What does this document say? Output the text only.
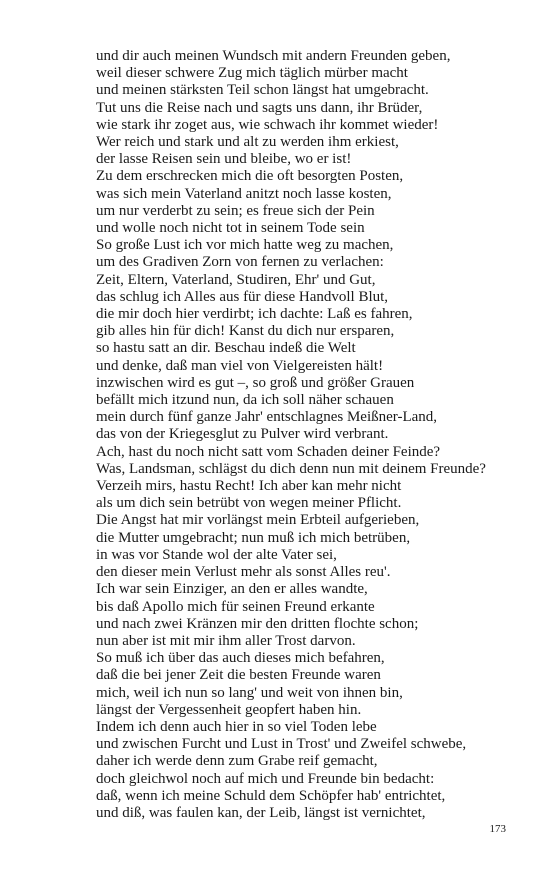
und dir auch meinen Wundsch mit andern Freunden geben,
weil dieser schwere Zug mich täglich mürber macht
und meinen stärksten Teil schon längst hat umgebracht.
Tut uns die Reise nach und sagts uns dann, ihr Brüder,
wie stark ihr zoget aus, wie schwach ihr kommet wieder!
Wer reich und stark und alt zu werden ihm erkiest,
der lasse Reisen sein und bleibe, wo er ist!
Zu dem erschrecken mich die oft besorgten Posten,
was sich mein Vaterland anitzt noch lasse kosten,
um nur verderbt zu sein; es freue sich der Pein
und wolle noch nicht tot in seinem Tode sein
So große Lust ich vor mich hatte weg zu machen,
um des Gradiven Zorn von fernen zu verlachen:
Zeit, Eltern, Vaterland, Studiren, Ehr' und Gut,
das schlug ich Alles aus für diese Handvoll Blut,
die mir doch hier verdirbt; ich dachte: Laß es fahren,
gib alles hin für dich! Kanst du dich nur ersparen,
so hastu satt an dir. Beschau indeß die Welt
und denke, daß man viel von Vielgereisten hält!
inzwischen wird es gut –, so groß und größer Grauen
befällt mich itzund nun, da ich soll näher schauen
mein durch fünf ganze Jahr' entschlagnes Meißner-Land,
das von der Kriegesglut zu Pulver wird verbrant.
Ach, hast du noch nicht satt vom Schaden deiner Feinde?
Was, Landsman, schlägst du dich denn nun mit deinem Freunde?
Verzeih mirs, hastu Recht! Ich aber kan mehr nicht
als um dich sein betrübt von wegen meiner Pflicht.
Die Angst hat mir vorlängst mein Erbteil aufgerieben,
die Mutter umgebracht; nun muß ich mich betrüben,
in was vor Stande wol der alte Vater sei,
den dieser mein Verlust mehr als sonst Alles reu'.
Ich war sein Einziger, an den er alles wandte,
bis daß Apollo mich für seinen Freund erkante
und nach zwei Kränzen mir den dritten flochte schon;
nun aber ist mit mir ihm aller Trost darvon.
So muß ich über das auch dieses mich befahren,
daß die bei jener Zeit die besten Freunde waren
mich, weil ich nun so lang' und weit von ihnen bin,
längst der Vergessenheit geopfert haben hin.
Indem ich denn auch hier in so viel Toden lebe
und zwischen Furcht und Lust in Trost' und Zweifel schwebe,
daher ich werde denn zum Grabe reif gemacht,
doch gleichwol noch auf mich und Freunde bin bedacht:
daß, wenn ich meine Schuld dem Schöpfer hab' entrichtet,
und diß, was faulen kan, der Leib, längst ist vernichtet,
173
